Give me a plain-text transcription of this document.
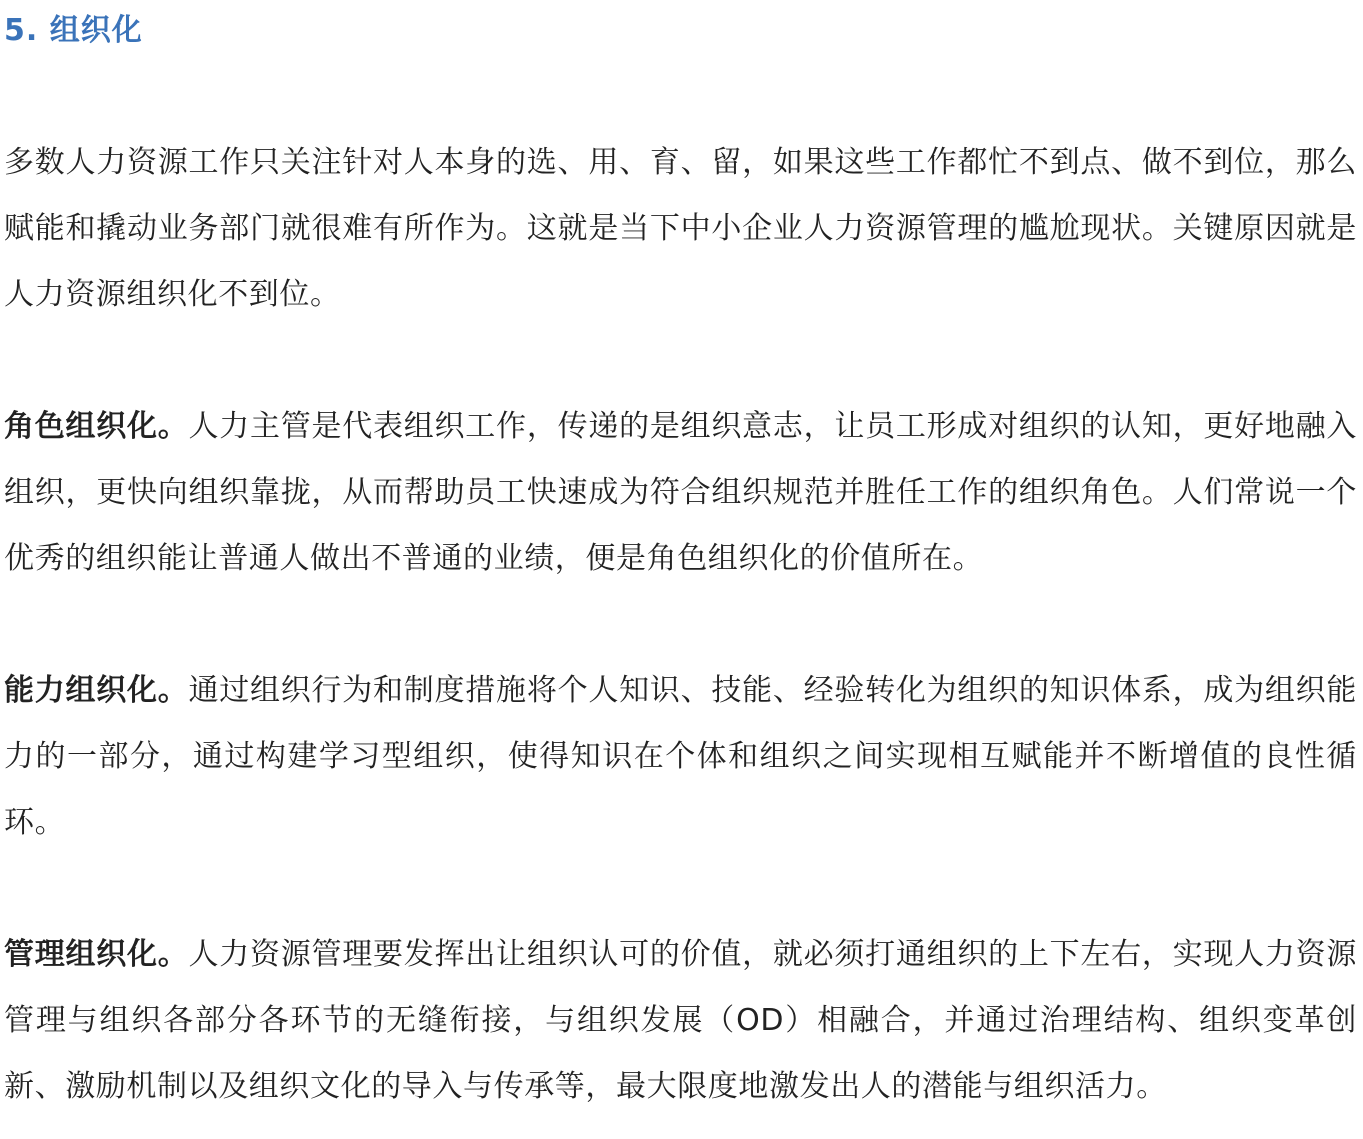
5. 组织化

多数人力资源工作只关注针对人本身的选、用、育、留，如果这些工作都忙不到点、做不到位，那么赋能和撬动业务部门就很难有所作为。这就是当下中小企业人力资源管理的尴尬现状。关键原因就是人力资源组织化不到位。

角色组织化。人力主管是代表组织工作，传递的是组织意志，让员工形成对组织的认知，更好地融入组织，更快向组织靠拢，从而帮助员工快速成为符合组织规范并胜任工作的组织角色。人们常说一个优秀的组织能让普通人做出不普通的业绩，便是角色组织化的价值所在。

能力组织化。通过组织行为和制度措施将个人知识、技能、经验转化为组织的知识体系，成为组织能力的一部分，通过构建学习型组织，使得知识在个体和组织之间实现相互赋能并不断增值的良性循环。

管理组织化。人力资源管理要发挥出让组织认可的价值，就必须打通组织的上下左右，实现人力资源管理与组织各部分各环节的无缝衔接，与组织发展（OD）相融合，并通过治理结构、组织变革创新、激励机制以及组织文化的导入与传承等，最大限度地激发出人的潜能与组织活力。
